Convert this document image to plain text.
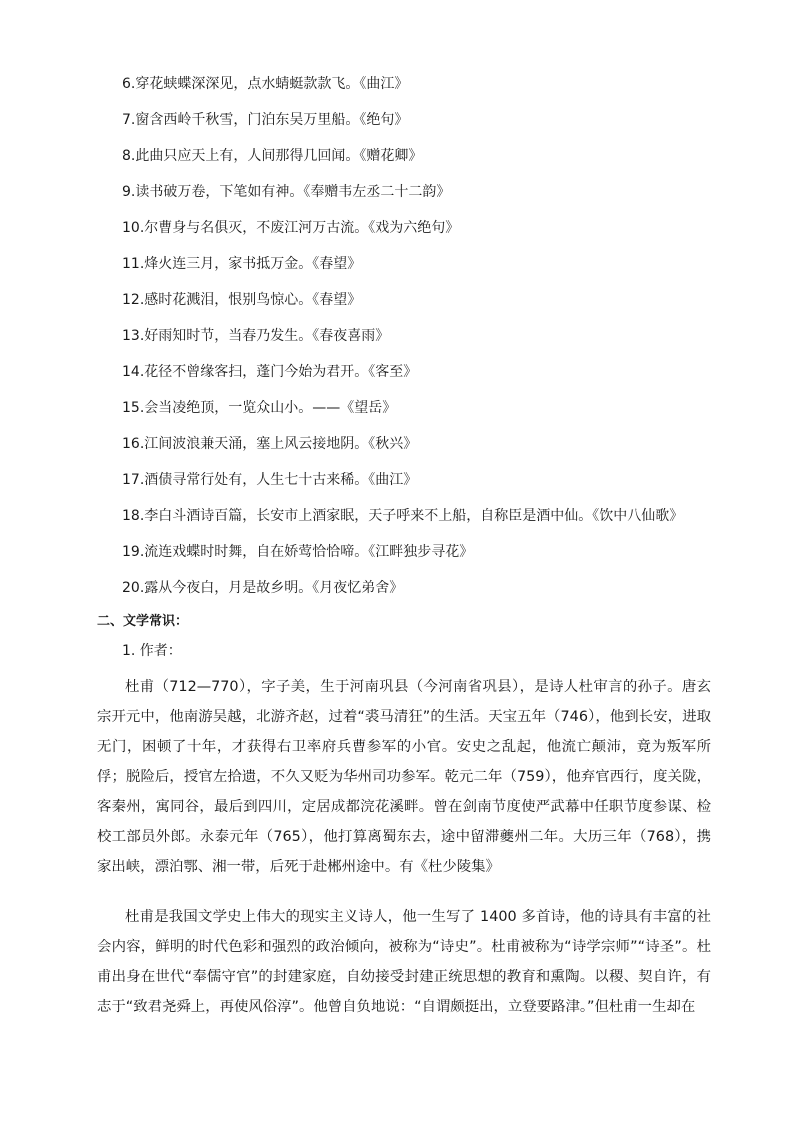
6.穿花蛱蝶深深见，点水蜻蜓款款飞。《曲江》
7.窗含西岭千秋雪，门泊东吴万里船。《绝句》
8.此曲只应天上有，人间那得几回闻。《赠花卿》
9.读书破万卷，下笔如有神。《奉赠韦左丞二十二韵》
10.尔曹身与名俱灭，不废江河万古流。《戏为六绝句》
11.烽火连三月，家书抵万金。《春望》
12.感时花溅泪，恨别鸟惊心。《春望》
13.好雨知时节，当春乃发生。《春夜喜雨》
14.花径不曾缘客扫，蓬门今始为君开。《客至》
15.会当凌绝顶，一览众山小。——《望岳》
16.江间波浪兼天涌，塞上风云接地阴。《秋兴》
17.酒债寻常行处有，人生七十古来稀。《曲江》
18.李白斗酒诗百篇，长安市上酒家眠，天子呼来不上船，自称臣是酒中仙。《饮中八仙歌》
19.流连戏蝶时时舞，自在娇莺恰恰啼。《江畔独步寻花》
20.露从今夜白，月是故乡明。《月夜忆弟舍》
二、文学常识：
1. 作者：

杜甫（712—770），字子美，生于河南巩县（今河南省巩县），是诗人杜审言的孙子。唐玄宗开元中，他南游吴越，北游齐赵，过着“裘马清狂”的生活。天宝五年（746），他到长安，进取无门，困顿了十年，才获得右卫率府兵曹参军的小官。安史之乱起，他流亡颠沛，竟为叛军所俘；脱险后，授官左拾遗，不久又贬为华州司功参军。乾元二年（759），他弃官西行，度关陇，客秦州，寓同谷，最后到四川，定居成都浣花溪畔。曾在剑南节度使严武幕中任职节度参谋、检校工部员外郎。永泰元年（765），他打算离蜀东去，途中留滞夔州二年。大历三年（768），携家出峡，漂泊鄂、湘一带，后死于赴郴州途中。有《杜少陵集》

杜甫是我国文学史上伟大的现实主义诗人，他一生写了 1400 多首诗，他的诗具有丰富的社会内容，鲜明的时代色彩和强烈的政治倾向，被称为“诗史”。杜甫被称为“诗学宗师”“诗圣”。杜甫出身在世代“奉儒守官”的封建家庭，自幼接受封建正统思想的教育和熏陶。以稷、契自许，有志于“致君尧舜上，再使风俗淳”。他曾自负地说：“自谓颇挺出，立登要路津。”但杜甫一生却在
